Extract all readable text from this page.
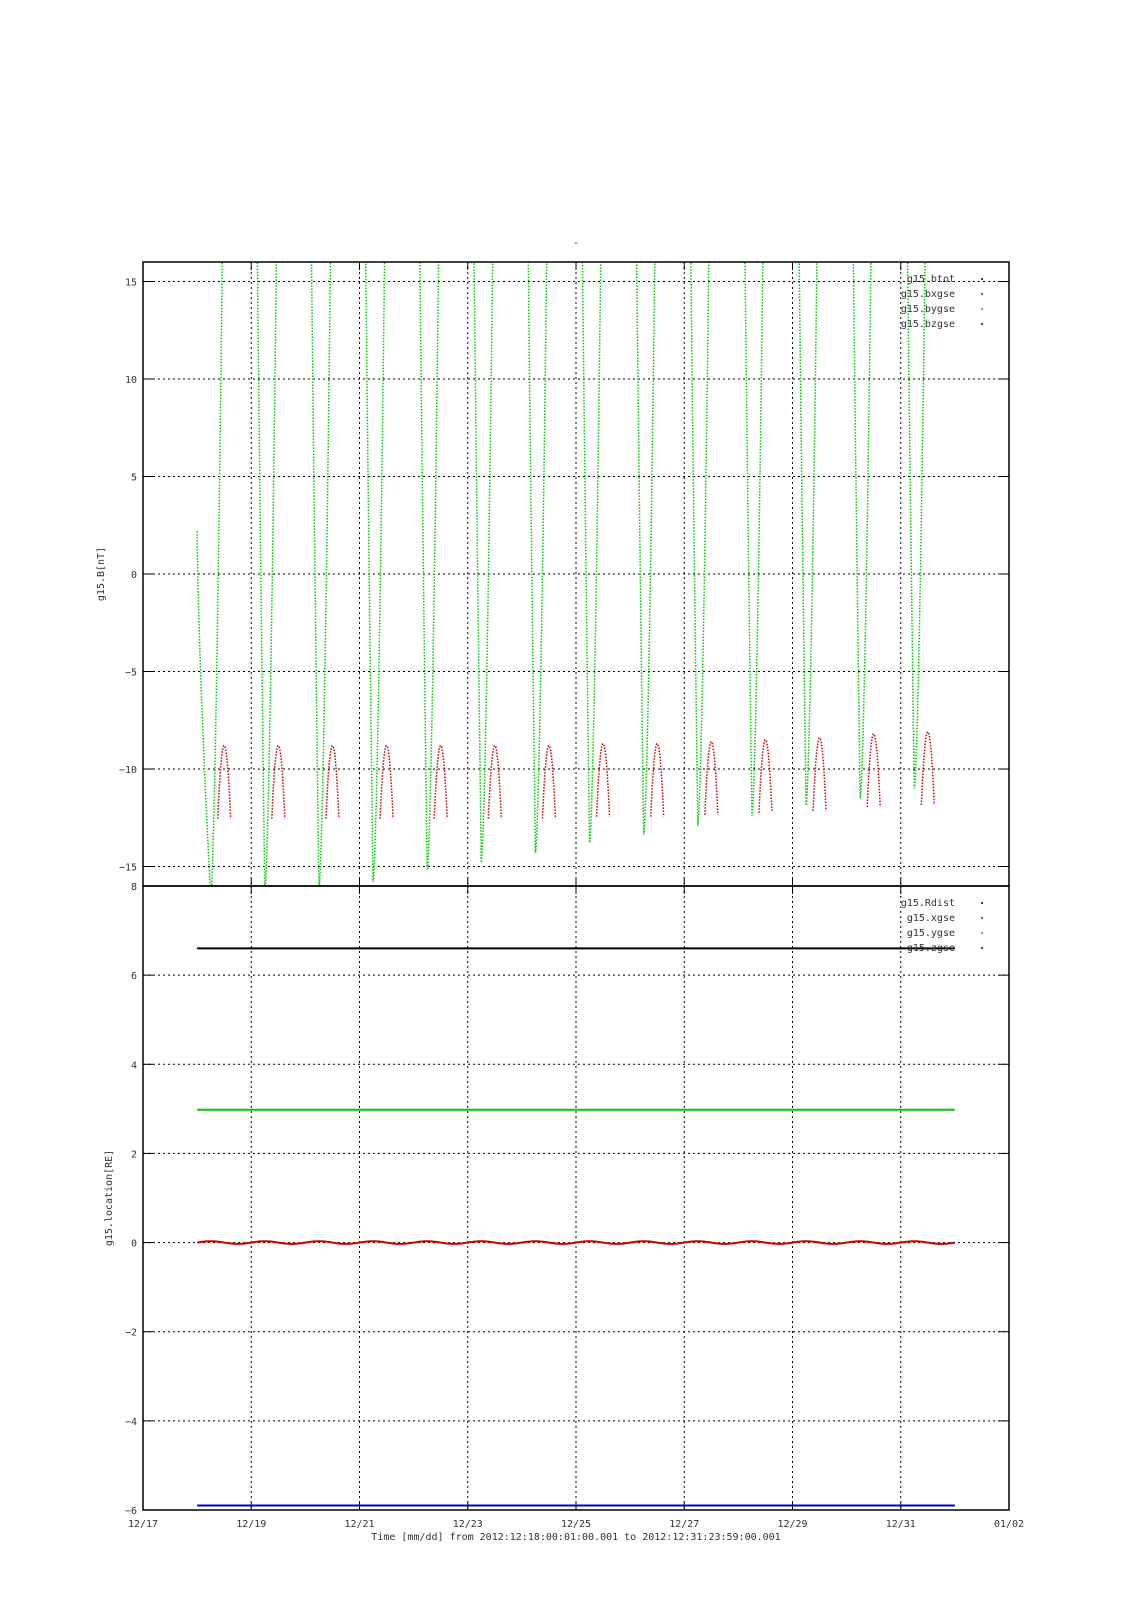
-
−15
−10
−5
0
5
10
15
g15.B[nT]
g15.btot
g15.bxgse
g15.bygse
g15.bzgse
−6
−4
−2
0
2
4
6
8
g15.location[RE]
g15.Rdist
g15.xgse
g15.ygse
g15.zgse
12/17	12/19	12/21	12/23	12/25	12/27	12/29	12/31	01/02
Time [mm/dd] from 2012:12:18:00:01:00.001 to 2012:12:31:23:59:00.001
